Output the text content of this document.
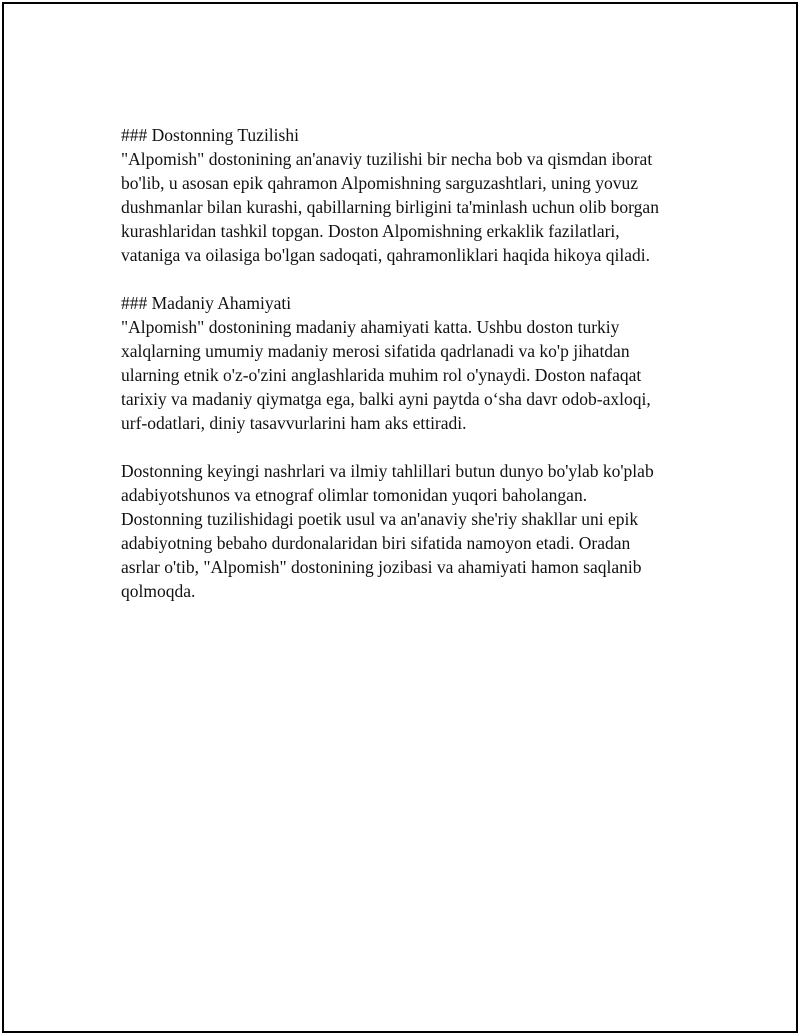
### Dostonning Tuzilishi
"Alpomish" dostonining an'anaviy tuzilishi bir necha bob va qismdan iborat
bo'lib, u asosan epik qahramon Alpomishning sarguzashtlari, uning yovuz
dushmanlar bilan kurashi, qabillarning birligini ta'minlash uchun olib borgan
kurashlaridan tashkil topgan. Doston Alpomishning erkaklik fazilatlari,
vataniga va oilasiga bo'lgan sadoqati, qahramonliklari haqida hikoya qiladi.
### Madaniy Ahamiyati
"Alpomish" dostonining madaniy ahamiyati katta. Ushbu doston turkiy
xalqlarning umumiy madaniy merosi sifatida qadrlanadi va ko'p jihatdan
ularning etnik o'z-o'zini anglashlarida muhim rol o'ynaydi. Doston nafaqat
tarixiy va madaniy qiymatga ega, balki ayni paytda o‘sha davr odob-axloqi,
urf-odatlari, diniy tasavvurlarini ham aks ettiradi.
Dostonning keyingi nashrlari va ilmiy tahlillari butun dunyo bo'ylab ko'plab
adabiyotshunos va etnograf olimlar tomonidan yuqori baholangan.
Dostonning tuzilishidagi poetik usul va an'anaviy she'riy shakllar uni epik
adabiyotning bebaho durdonalaridan biri sifatida namoyon etadi. Oradan
asrlar o'tib, "Alpomish" dostonining jozibasi va ahamiyati hamon saqlanib
qolmoqda.
